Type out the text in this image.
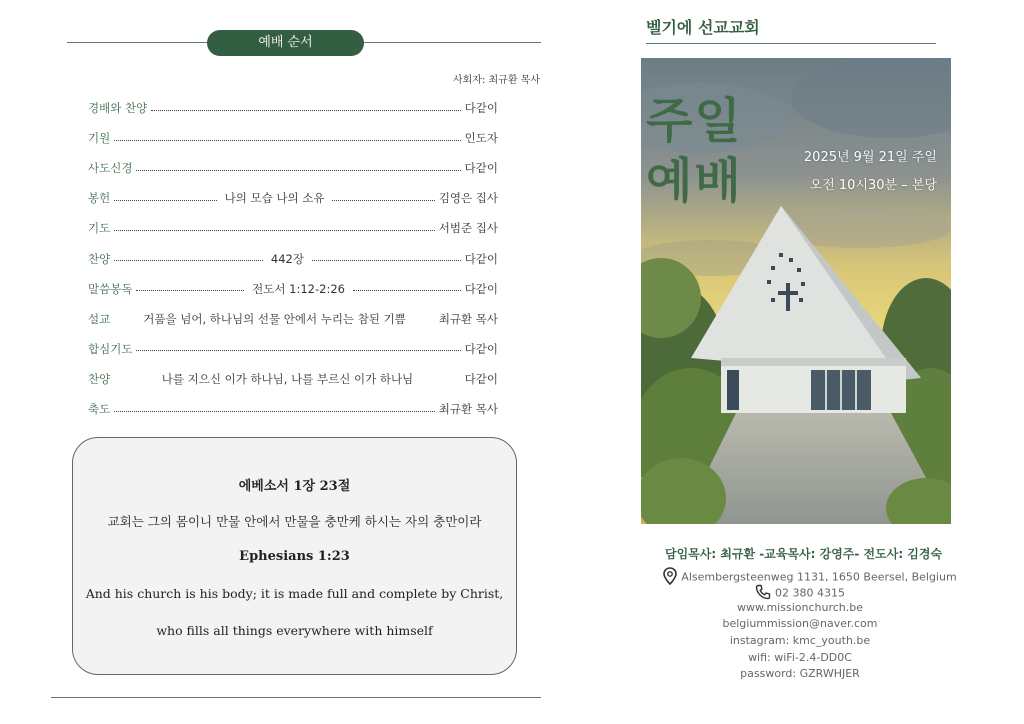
예배 순서
사회자: 최규환 목사
경배와 찬양	다같이
기원	인도자
사도신경	다같이
봉헌	나의 모습 나의 소유	김영은 집사
기도	서범준 집사
찬양	442장	다같이
말씀봉독	전도서 1:12-2:26	다같이
설교	거품을 넘어, 하나님의 선물 안에서 누리는 참된 기쁨	최규환 목사
합심기도	다같이
찬양	나를 지으신 이가 하나님, 나를 부르신 이가 하나님	다같이
축도	최규환 목사
에베소서 1장 23절
교회는 그의 몸이니 만물 안에서 만물을 충만케 하시는 자의 충만이라
Ephesians 1:23
And his church is his body; it is made full and complete by Christ,
who fills all things everywhere with himself
벨기에 선교교회
주일
예배	2025년 9월 21일 주일
오전 10시30분 – 본당
담임목사: 최규환 -교육목사: 강영주- 전도사: 김경숙
Alsembergsteenweg 1131, 1650 Beersel, Belgium
02 380 4315
www.missionchurch.be
belgiummission@naver.com
instagram: kmc_youth.be
wifi: wiFi-2.4-DD0C
password: GZRWHJER
